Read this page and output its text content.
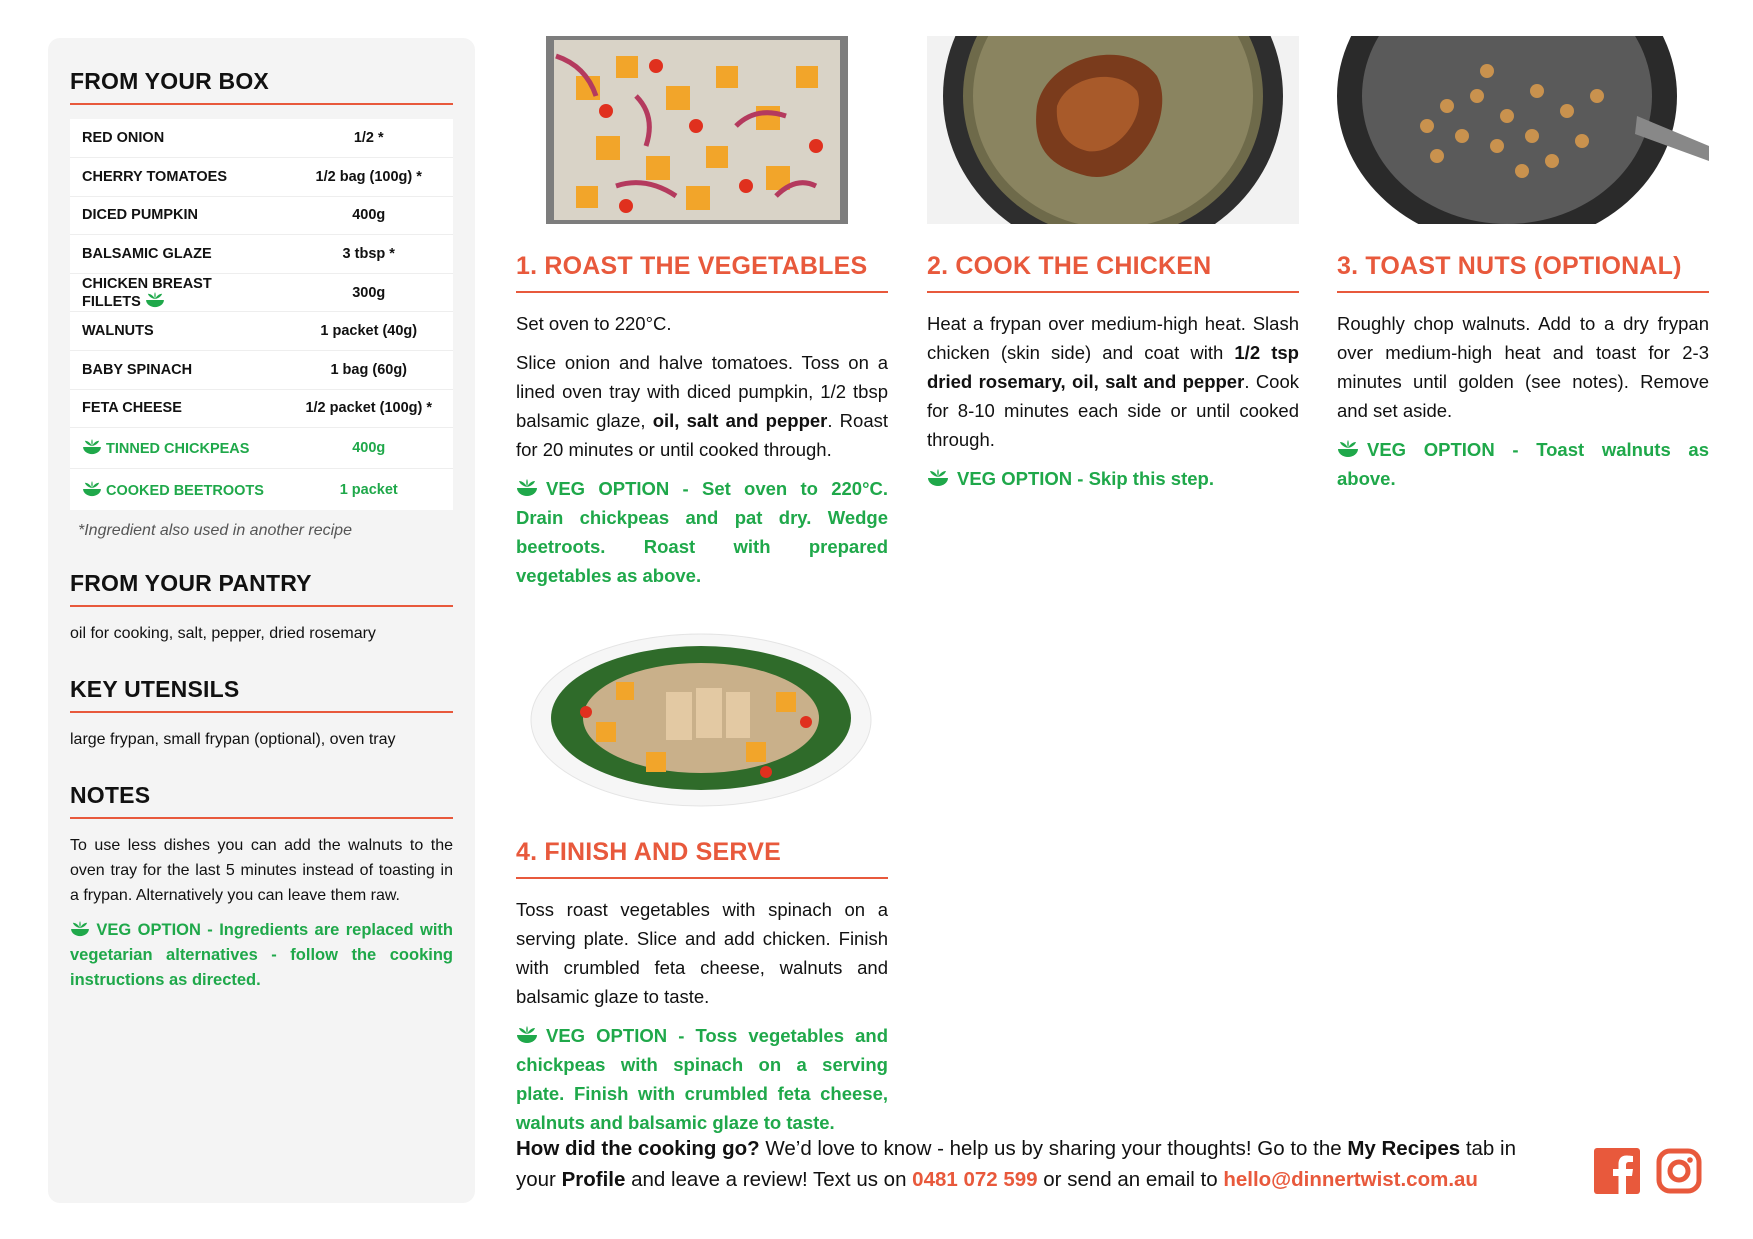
FROM YOUR BOX
RED ONION	1/2 *
CHERRY TOMATOES	1/2 bag (100g) *
DICED PUMPKIN	400g
BALSAMIC GLAZE	3 tbsp *
CHICKEN BREAST FILLETS	300g
WALNUTS	1 packet (40g)
BABY SPINACH	1 bag (60g)
FETA CHEESE	1/2 packet (100g) *

TINNED CHICKPEAS	400g

COOKED BEETROOTS	1 packet

*Ingredient also used in another recipe

FROM YOUR PANTRY

oil for cooking, salt, pepper, dried rosemary

KEY UTENSILS

large frypan, small frypan (optional), oven tray

NOTES

To use less dishes you can add the walnuts to the oven tray for the last 5 minutes instead of toasting in a frypan. Alternatively you can leave them raw.

VEG OPTION - Ingredients are replaced with vegetarian alternatives - follow the cooking instructions as directed.

1. ROAST THE VEGETABLES

Set oven to 220°C.

Slice onion and halve tomatoes. Toss on a lined oven tray with diced pumpkin, 1/2 tbsp balsamic glaze, oil, salt and pepper. Roast for 20 minutes or until cooked through.

VEG OPTION - Set oven to 220°C. Drain chickpeas and pat dry. Wedge beetroots. Roast with prepared vegetables as above.

2. COOK THE CHICKEN

Heat a frypan over medium-high heat. Slash chicken (skin side) and coat with 1/2 tsp dried rosemary, oil, salt and pepper. Cook for 8-10 minutes each side or until cooked through.

VEG OPTION - Skip this step.

3. TOAST NUTS (OPTIONAL)

Roughly chop walnuts. Add to a dry frypan over medium-high heat and toast for 2-3 minutes until golden (see notes). Remove and set aside.

VEG OPTION - Toast walnuts as above.

4. FINISH AND SERVE

Toss roast vegetables with spinach on a serving plate. Slice and add chicken. Finish with crumbled feta cheese, walnuts and balsamic glaze to taste.

VEG OPTION - Toss vegetables and chickpeas with spinach on a serving plate. Finish with crumbled feta cheese, walnuts and balsamic glaze to taste.

How did the cooking go? We’d love to know - help us by sharing your thoughts! Go to the My Recipes tab in your Profile and leave a review! Text us on 0481 072 599 or send an email to hello@dinnertwist.com.au
